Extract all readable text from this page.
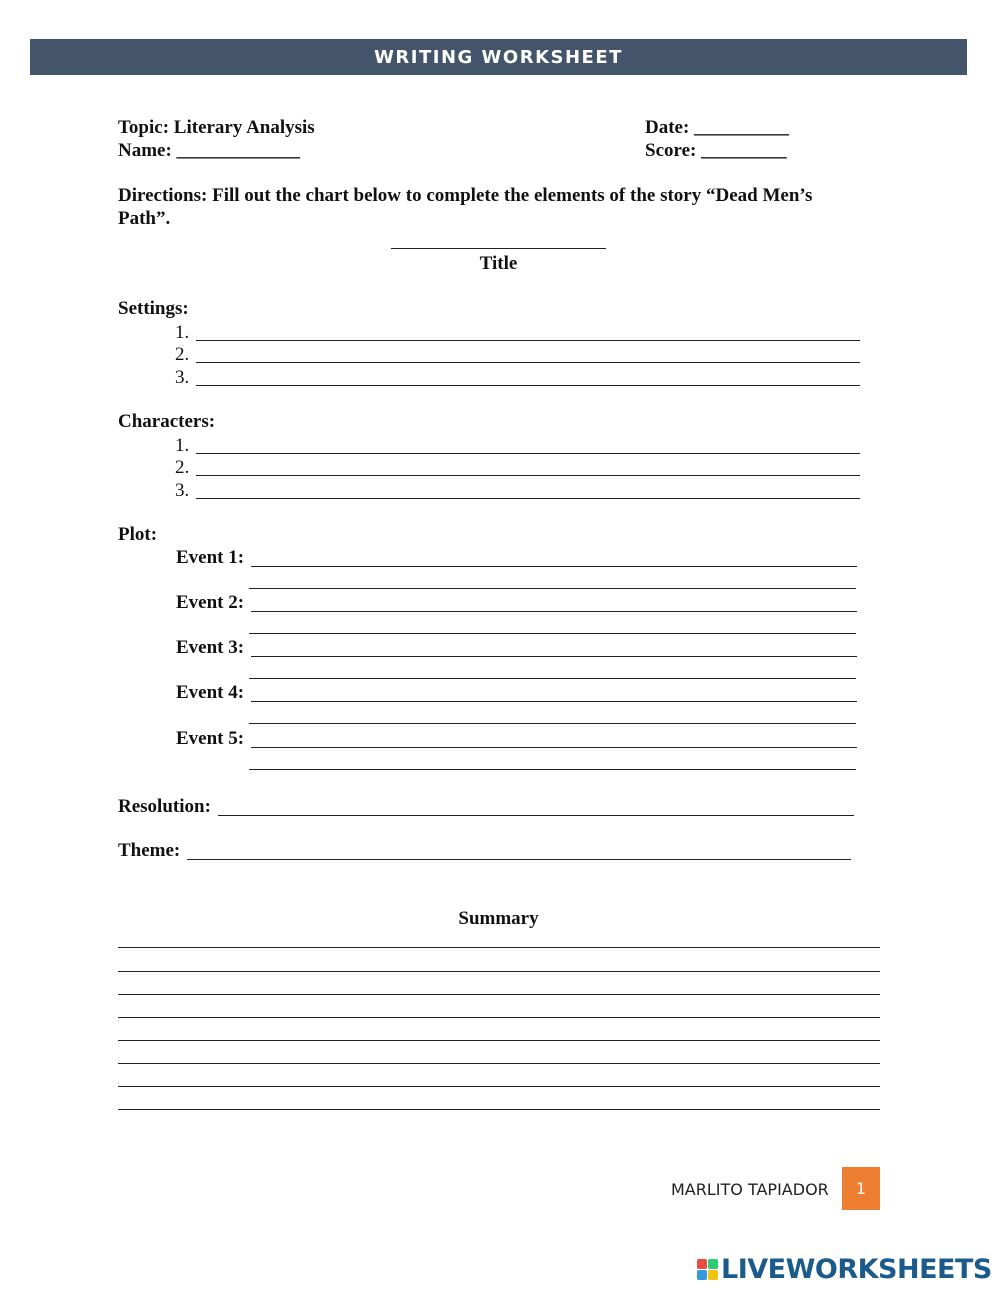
WRITING WORKSHEET
Topic: Literary Analysis
Name: _____________
Date: __________
Score: _________
Directions: Fill out the chart below to complete the elements of the story “Dead Men’s
Path”.
Title
Settings:
1.
2.
3.
Characters:
1.
2.
3.
Plot:
Event 1:
Event 2:
Event 3:
Event 4:
Event 5:
Resolution:
Theme:
Summary
MARLITO TAPIADOR 1
LIVEWORKSHEETS
